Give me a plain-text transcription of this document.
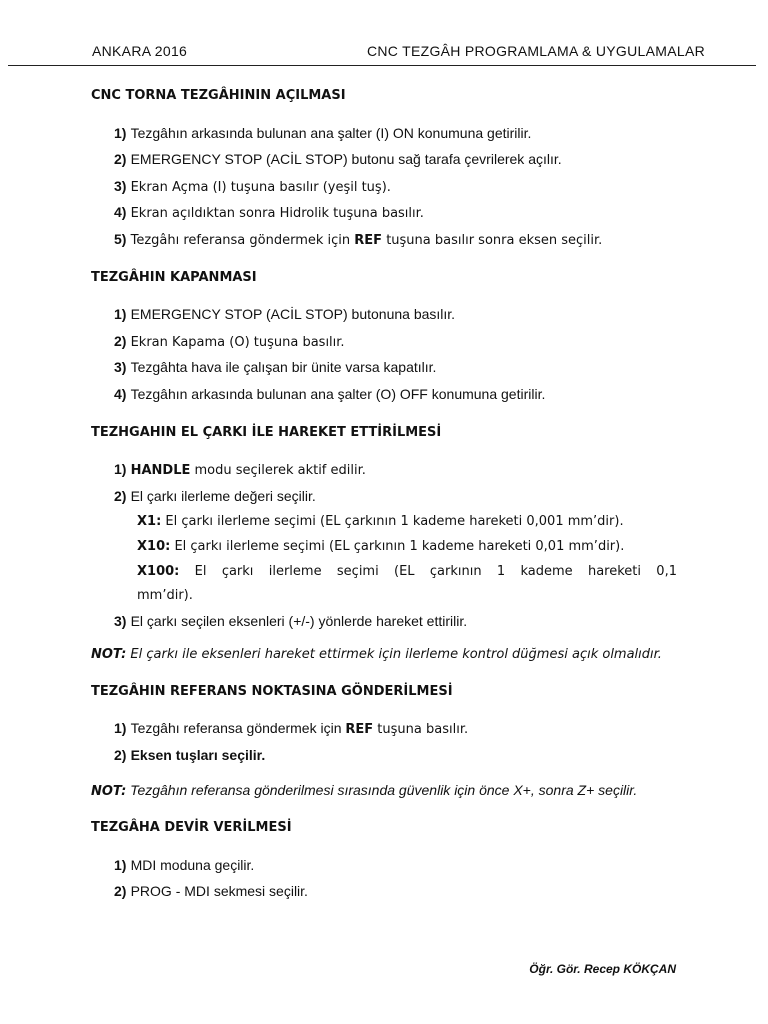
ANKARA 2016	CNC TEZGÂH PROGRAMLAMA & UYGULAMALAR

CNC TORNA TEZGÂHININ AÇILMASI

1) Tezgâhın arkasında bulunan ana şalter (I) ON konumuna getirilir.
2) EMERGENCY STOP (ACİL STOP) butonu sağ tarafa çevrilerek açılır.
3) Ekran Açma (I) tuşuna basılır (yeşil tuş).
4) Ekran açıldıktan sonra Hidrolik tuşuna basılır.
5) Tezgâhı referansa göndermek için REF tuşuna basılır sonra eksen seçilir.

TEZGÂHIN KAPANMASI

1) EMERGENCY STOP (ACİL STOP) butonuna basılır.
2) Ekran Kapama (O) tuşuna basılır.
3) Tezgâhta hava ile çalışan bir ünite varsa kapatılır.
4) Tezgâhın arkasında bulunan ana şalter (O) OFF konumuna getirilir.

TEZHGAHIN EL ÇARKI İLE HAREKET ETTİRİLMESİ

1) HANDLE modu seçilerek aktif edilir.
2) El çarkı ilerleme değeri seçilir.
X1: El çarkı ilerleme seçimi (EL çarkının 1 kademe hareketi 0,001 mm’dir).
X10: El çarkı ilerleme seçimi (EL çarkının 1 kademe hareketi 0,01 mm’dir).
X100: El çarkı ilerleme seçimi (EL çarkının 1 kademe hareketi 0,1 mm’dir).
3) El çarkı seçilen eksenleri (+/-) yönlerde hareket ettirilir.

NOT: El çarkı ile eksenleri hareket ettirmek için ilerleme kontrol düğmesi açık olmalıdır.

TEZGÂHIN REFERANS NOKTASINA GÖNDERİLMESİ

1) Tezgâhı referansa göndermek için REF tuşuna basılır.
2) Eksen tuşları seçilir.

NOT: Tezgâhın referansa gönderilmesi sırasında güvenlik için önce X+, sonra Z+ seçilir.

TEZGÂHA DEVİR VERİLMESİ

1) MDI moduna geçilir.
2) PROG - MDI sekmesi seçilir.
Öğr. Gör. Recep KÖKÇAN
